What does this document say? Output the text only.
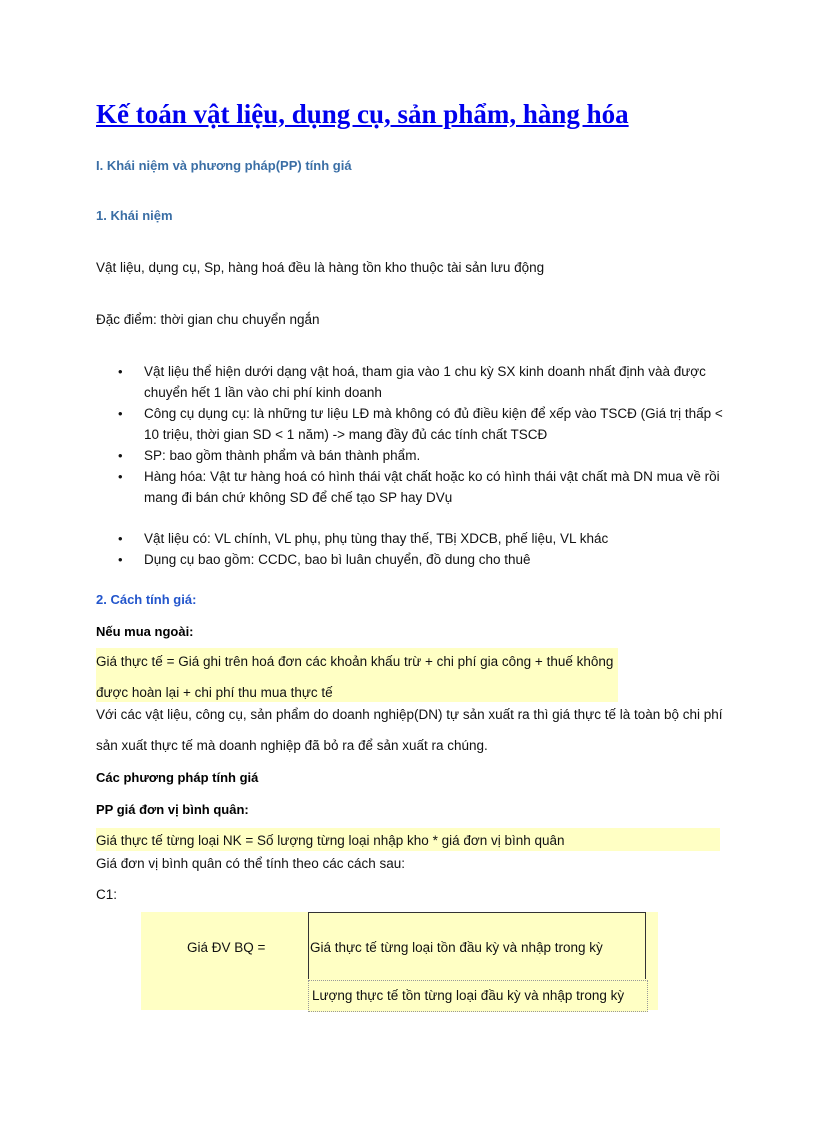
Kế toán vật liệu, dụng cụ, sản phẩm, hàng hóa

I. Khái niệm và phương pháp(PP) tính giá

1. Khái niệm

Vật liệu, dụng cụ, Sp, hàng hoá đều là hàng tồn kho thuộc tài sản lưu động

Đặc điểm: thời gian chu chuyển ngắn

• Vật liệu thể hiện dưới dạng vật hoá, tham gia vào 1 chu kỳ SX kinh doanh nhất định vàà được
chuyển hết 1 lần vào chi phí kinh doanh
• Công cụ dụng cụ: là những tư liệu LĐ mà không có đủ điều kiện để xếp vào TSCĐ (Giá trị thấp <
10 triệu, thời gian SD < 1 năm) -> mang đầy đủ các tính chất TSCĐ
• SP: bao gồm thành phẩm và bán thành phẩm.
• Hàng hóa: Vật tư hàng hoá có hình thái vật chất hoặc ko có hình thái vật chất mà DN mua về rồi
mang đi bán chứ không SD để chế tạo SP hay DVụ
• Vật liệu có: VL chính, VL phụ, phụ tùng thay thế, TBị XDCB, phế liệu, VL khác
• Dụng cụ bao gồm: CCDC, bao bì luân chuyển, đồ dung cho thuê

2. Cách tính giá:

Nếu mua ngoài:

Giá thực tế = Giá ghi trên hoá đơn các khoản khấu trừ + chi phí gia công + thuế không

được hoàn lại + chi phí thu mua thực tế

Với các vật liệu, công cụ, sản phẩm do doanh nghiệp(DN) tự sản xuất ra thì giá thực tế là toàn bộ chi phí

sản xuất thực tế mà doanh nghiệp đã bỏ ra để sản xuất ra chúng.

Các phương pháp tính giá

PP giá đơn vị bình quân:

Giá thực tế từng loại NK = Số lượng từng loại nhập kho * giá đơn vị bình quân

Giá đơn vị bình quân có thể tính theo các cách sau:

C1:

Giá ĐV BQ =	Giá thực tế từng loại tồn đầu kỳ và nhập trong kỳ
Lượng thực tế tồn từng loại đầu kỳ và nhập trong kỳ
